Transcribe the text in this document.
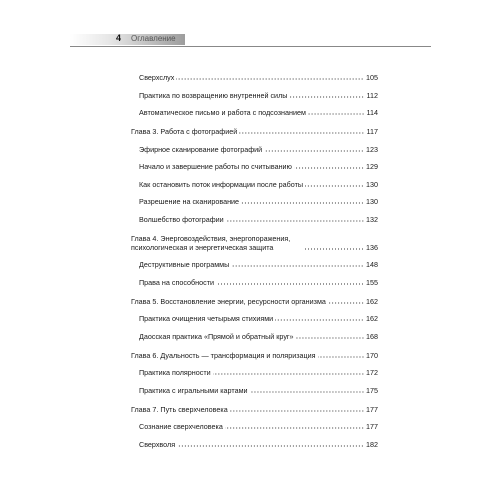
4 Оглавление
Сверхслух	105
Практика по возвращению внутренней силы	112
Автоматическое письмо и работа с подсознанием	114
Глава 3. Работа с фотографией	117
Эфирное сканирование фотографий	123
Начало и завершение работы по считыванию	129
Как остановить поток информации после работы	130
Разрешение на сканирование	130
Волшебство фотографии	132
Глава 4. Энерговоздействия, энергопоражения, психологическая и энергетическая защита	136
Деструктивные программы	148
Права на способности	155
Глава 5. Восстановление энергии, ресурсности организма	162
Практика очищения четырьмя стихиями	162
Даосская практика «Прямой и обратный круг»	168
Глава 6. Дуальность — трансформация и поляризация	170
Практика полярности	172
Практика с игральными картами	175
Глава 7. Путь сверхчеловека	177
Сознание сверхчеловека	177
Сверхволя	182
